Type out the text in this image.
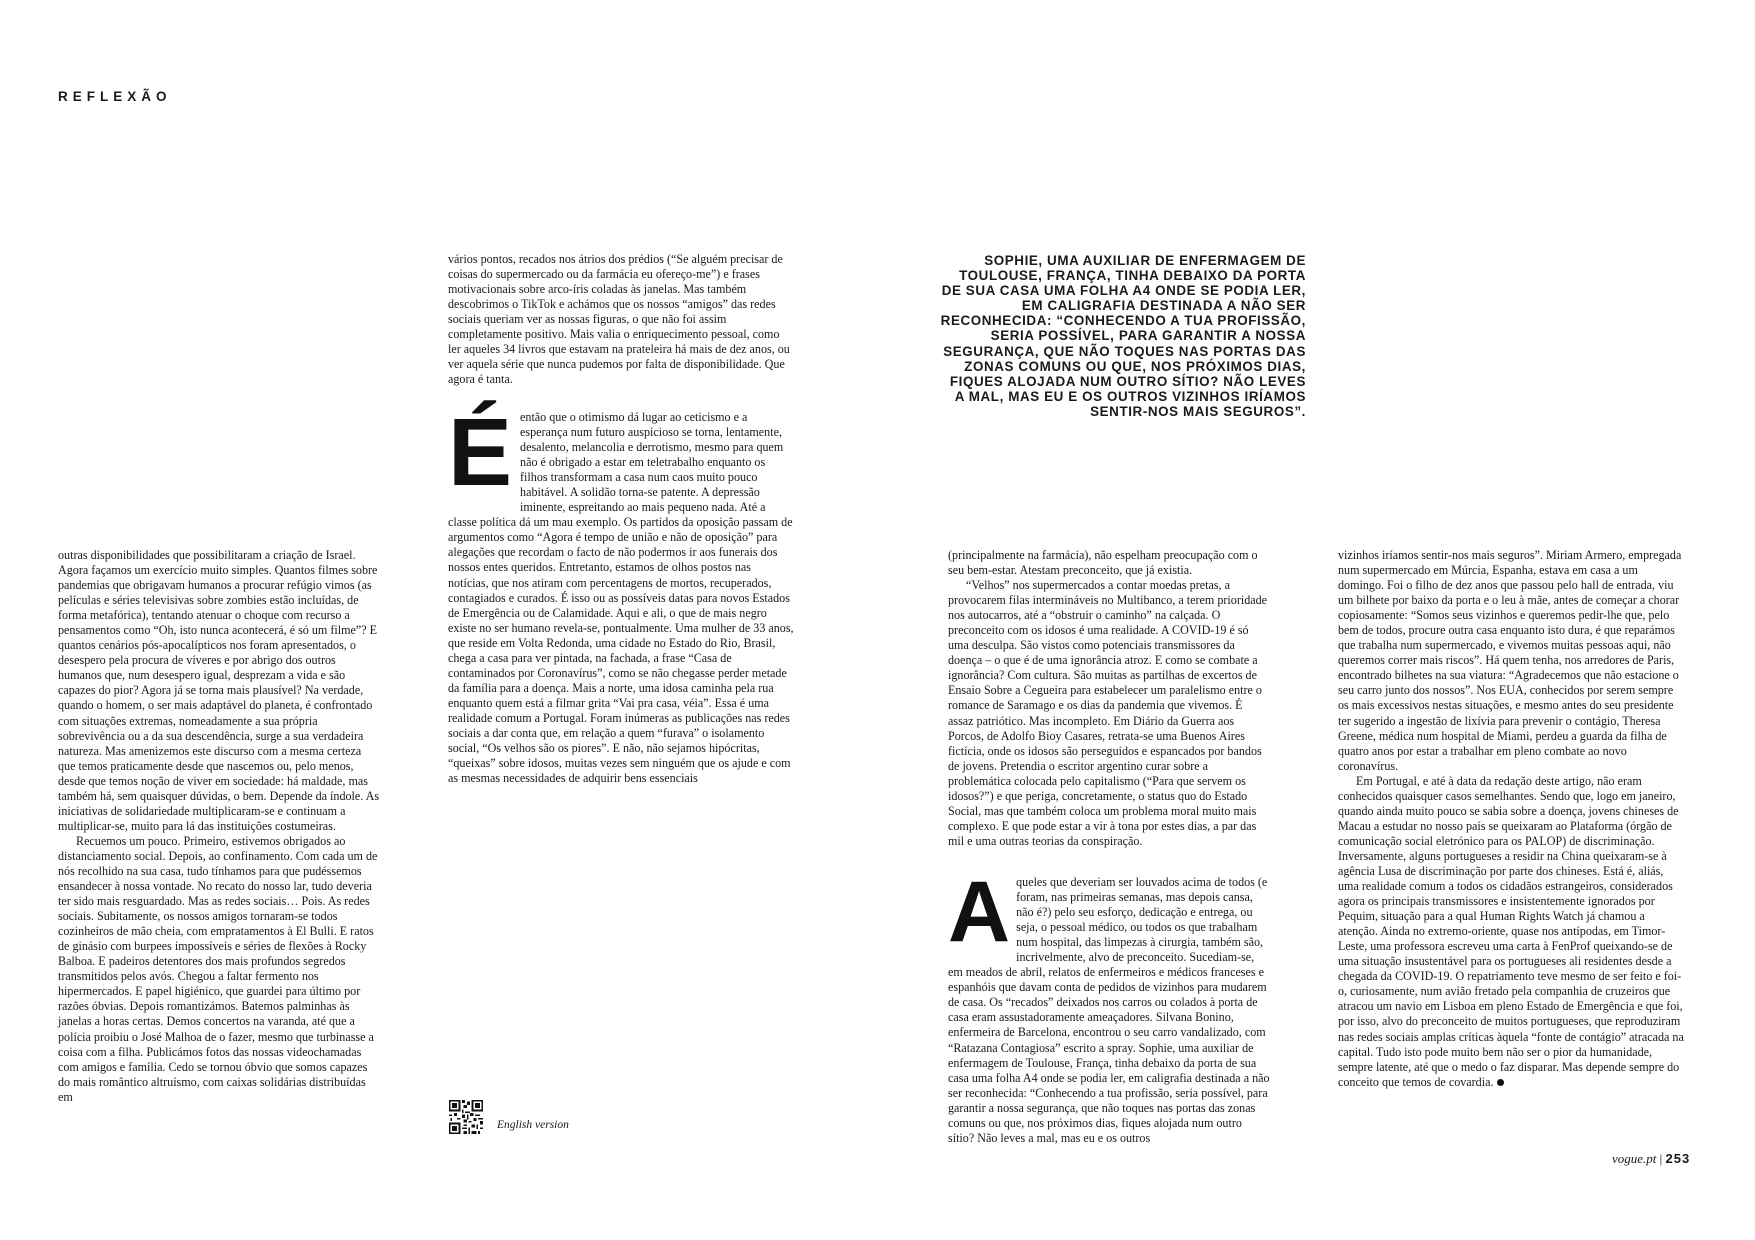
REFLEXÃO

outras disponibilidades que possibilitaram a criação de Israel. Agora façamos um exercício muito simples. Quantos filmes sobre pandemias que obrigavam humanos a procurar refúgio vimos (as películas e séries televisivas sobre zombies estão incluídas, de forma metafórica), tentando atenuar o choque com recurso a pensamentos como “Oh, isto nunca acontecerá, é só um filme”? E quantos cenários pós-apocalípticos nos foram apresentados, o desespero pela procura de víveres e por abrigo dos outros humanos que, num desespero igual, desprezam a vida e são capazes do pior? Agora já se torna mais plausível? Na verdade, quando o homem, o ser mais adaptável do planeta, é confrontado com situações extremas, nomeadamente a sua própria sobrevivência ou a da sua descendência, surge a sua verdadeira natureza. Mas amenizemos este discurso com a mesma certeza que temos praticamente desde que nascemos ou, pelo menos, desde que temos noção de viver em sociedade: há maldade, mas também há, sem quaisquer dúvidas, o bem. Depende da índole. As iniciativas de solidariedade multiplicaram-se e continuam a multiplicar-se, muito para lá das instituições costumeiras.

Recuemos um pouco. Primeiro, estivemos obrigados ao distanciamento social. Depois, ao confinamento. Com cada um de nós recolhido na sua casa, tudo tínhamos para que pudéssemos ensandecer à nossa vontade. No recato do nosso lar, tudo deveria ter sido mais resguardado. Mas as redes sociais… Pois. As redes sociais. Subitamente, os nossos amigos tornaram-se todos cozinheiros de mão cheia, com empratamentos à El Bulli. E ratos de ginásio com burpees impossíveis e séries de flexões à Rocky Balboa. E padeiros detentores dos mais profundos segredos transmitidos pelos avós. Chegou a faltar fermento nos hipermercados. E papel higiénico, que guardei para último por razões óbvias. Depois romantizámos. Batemos palminhas às janelas a horas certas. Demos concertos na varanda, até que a polícia proibiu o José Malhoa de o fazer, mesmo que turbinasse a coisa com a filha. Publicámos fotos das nossas videochamadas com amigos e família. Cedo se tornou óbvio que somos capazes do mais romântico altruísmo, com caixas solidárias distribuídas em

vários pontos, recados nos átrios dos prédios (“Se alguém precisar de coisas do supermercado ou da farmácia eu ofereço-me”) e frases motivacionais sobre arco-íris coladas às janelas. Mas também descobrimos o TikTok e achámos que os nossos “amigos” das redes sociais queriam ver as nossas figuras, o que não foi assim completamente positivo. Mais valia o enriquecimento pessoal, como ler aqueles 34 livros que estavam na prateleira há mais de dez anos, ou ver aquela série que nunca pudemos por falta de disponibilidade. Que agora é tanta.

É então que o otimismo dá lugar ao ceticismo e a esperança num futuro auspicioso se torna, lentamente, desalento, melancolia e derrotismo, mesmo para quem não é obrigado a estar em teletrabalho enquanto os filhos transformam a casa num caos muito pouco habitável. A solidão torna-se patente. A depressão iminente, espreitando ao mais pequeno nada. Até a classe política dá um mau exemplo. Os partidos da oposição passam de argumentos como “Agora é tempo de união e não de oposição” para alegações que recordam o facto de não podermos ir aos funerais dos nossos entes queridos. Entretanto, estamos de olhos postos nas notícias, que nos atiram com percentagens de mortos, recuperados, contagiados e curados. É isso ou as possíveis datas para novos Estados de Emergência ou de Calamidade. Aqui e ali, o que de mais negro existe no ser humano revela-se, pontualmente. Uma mulher de 33 anos, que reside em Volta Redonda, uma cidade no Estado do Rio, Brasil, chega a casa para ver pintada, na fachada, a frase “Casa de contaminados por Coronavírus”, como se não chegasse perder metade da família para a doença. Mais a norte, uma idosa caminha pela rua enquanto quem está a filmar grita “Vai pra casa, véia”. Essa é uma realidade comum a Portugal. Foram inúmeras as publicações nas redes sociais a dar conta que, em relação a quem “furava” o isolamento social, “Os velhos são os piores”. E não, não sejamos hipócritas, “queixas” sobre idosos, muitas vezes sem ninguém que os ajude e com as mesmas necessidades de adquirir bens essenciais

SOPHIE, UMA AUXILIAR DE ENFERMAGEM DE TOULOUSE, FRANÇA, TINHA DEBAIXO DA PORTA DE SUA CASA UMA FOLHA A4 ONDE SE PODIA LER, EM CALIGRAFIA DESTINADA A NÃO SER RECONHECIDA: “CONHECENDO A TUA PROFISSÃO, SERIA POSSÍVEL, PARA GARANTIR A NOSSA SEGURANÇA, QUE NÃO TOQUES NAS PORTAS DAS ZONAS COMUNS OU QUE, NOS PRÓXIMOS DIAS, FIQUES ALOJADA NUM OUTRO SÍTIO? NÃO LEVES A MAL, MAS EU E OS OUTROS VIZINHOS IRÍAMOS SENTIR-NOS MAIS SEGUROS”.

(principalmente na farmácia), não espelham preocupação com o seu bem-estar. Atestam preconceito, que já existia.

“Velhos” nos supermercados a contar moedas pretas, a provocarem filas intermináveis no Multibanco, a terem prioridade nos autocarros, até a “obstruir o caminho” na calçada. O preconceito com os idosos é uma realidade. A COVID-19 é só uma desculpa. São vistos como potenciais transmissores da doença – o que é de uma ignorância atroz. E como se combate a ignorância? Com cultura. São muitas as partilhas de excertos de Ensaio Sobre a Cegueira para estabelecer um paralelismo entre o romance de Saramago e os dias da pandemia que vivemos. É assaz patriótico. Mas incompleto. Em Diário da Guerra aos Porcos, de Adolfo Bioy Casares, retrata-se uma Buenos Aires fictícia, onde os idosos são perseguidos e espancados por bandos de jovens. Pretendia o escritor argentino curar sobre a problemática colocada pelo capitalismo (“Para que servem os idosos?”) e que periga, concretamente, o status quo do Estado Social, mas que também coloca um problema moral muito mais complexo. E que pode estar a vir à tona por estes dias, a par das mil e uma outras teorias da conspiração.

A queles que deveriam ser louvados acima de todos (e foram, nas primeiras semanas, mas depois cansa, não é?) pelo seu esforço, dedicação e entrega, ou seja, o pessoal médico, ou todos os que trabalham num hospital, das limpezas à cirurgia, também são, incrivelmente, alvo de preconceito. Sucediam-se, em meados de abril, relatos de enfermeiros e médicos franceses e espanhóis que davam conta de pedidos de vizinhos para mudarem de casa. Os “recados” deixados nos carros ou colados à porta de casa eram assustadoramente ameaçadores. Silvana Bonino, enfermeira de Barcelona, encontrou o seu carro vandalizado, com “Ratazana Contagiosa” escrito a spray. Sophie, uma auxiliar de enfermagem de Toulouse, França, tinha debaixo da porta de sua casa uma folha A4 onde se podia ler, em caligrafia destinada a não ser reconhecida: “Conhecendo a tua profissão, seria possível, para garantir a nossa segurança, que não toques nas portas das zonas comuns ou que, nos próximos dias, fiques alojada num outro sítio? Não leves a mal, mas eu e os outros

vizinhos iríamos sentir-nos mais seguros”. Miriam Armero, empregada num supermercado em Múrcia, Espanha, estava em casa a um domingo. Foi o filho de dez anos que passou pelo hall de entrada, viu um bilhete por baixo da porta e o leu à mãe, antes de começar a chorar copiosamente: “Somos seus vizinhos e queremos pedir-lhe que, pelo bem de todos, procure outra casa enquanto isto dura, é que reparámos que trabalha num supermercado, e vivemos muitas pessoas aqui, não queremos correr mais riscos”. Há quem tenha, nos arredores de Paris, encontrado bilhetes na sua viatura: “Agradecemos que não estacione o seu carro junto dos nossos”. Nos EUA, conhecidos por serem sempre os mais excessivos nestas situações, e mesmo antes do seu presidente ter sugerido a ingestão de lixívia para prevenir o contágio, Theresa Greene, médica num hospital de Miami, perdeu a guarda da filha de quatro anos por estar a trabalhar em pleno combate ao novo coronavírus.

Em Portugal, e até à data da redação deste artigo, não eram conhecidos quaisquer casos semelhantes. Sendo que, logo em janeiro, quando ainda muito pouco se sabia sobre a doença, jovens chineses de Macau a estudar no nosso país se queixaram ao Plataforma (órgão de comunicação social eletrónico para os PALOP) de discriminação. Inversamente, alguns portugueses a residir na China queixaram-se à agência Lusa de discriminação por parte dos chineses. Está é, aliás, uma realidade comum a todos os cidadãos estrangeiros, considerados agora os principais transmissores e insistentemente ignorados por Pequim, situação para a qual Human Rights Watch já chamou a atenção. Ainda no extremo-oriente, quase nos antípodas, em Timor-Leste, uma professora escreveu uma carta à FenProf queixando-se de uma situação insustentável para os portugueses ali residentes desde a chegada da COVID-19. O repatriamento teve mesmo de ser feito e foi-o, curiosamente, num avião fretado pela companhia de cruzeiros que atracou um navio em Lisboa em pleno Estado de Emergência e que foi, por isso, alvo do preconceito de muitos portugueses, que reproduziram nas redes sociais amplas críticas àquela “fonte de contágio” atracada na capital. Tudo isto pode muito bem não ser o pior da humanidade, sempre latente, até que o medo o faz disparar. Mas depende sempre do conceito que temos de covardia.

English version
vogue.pt | 253
